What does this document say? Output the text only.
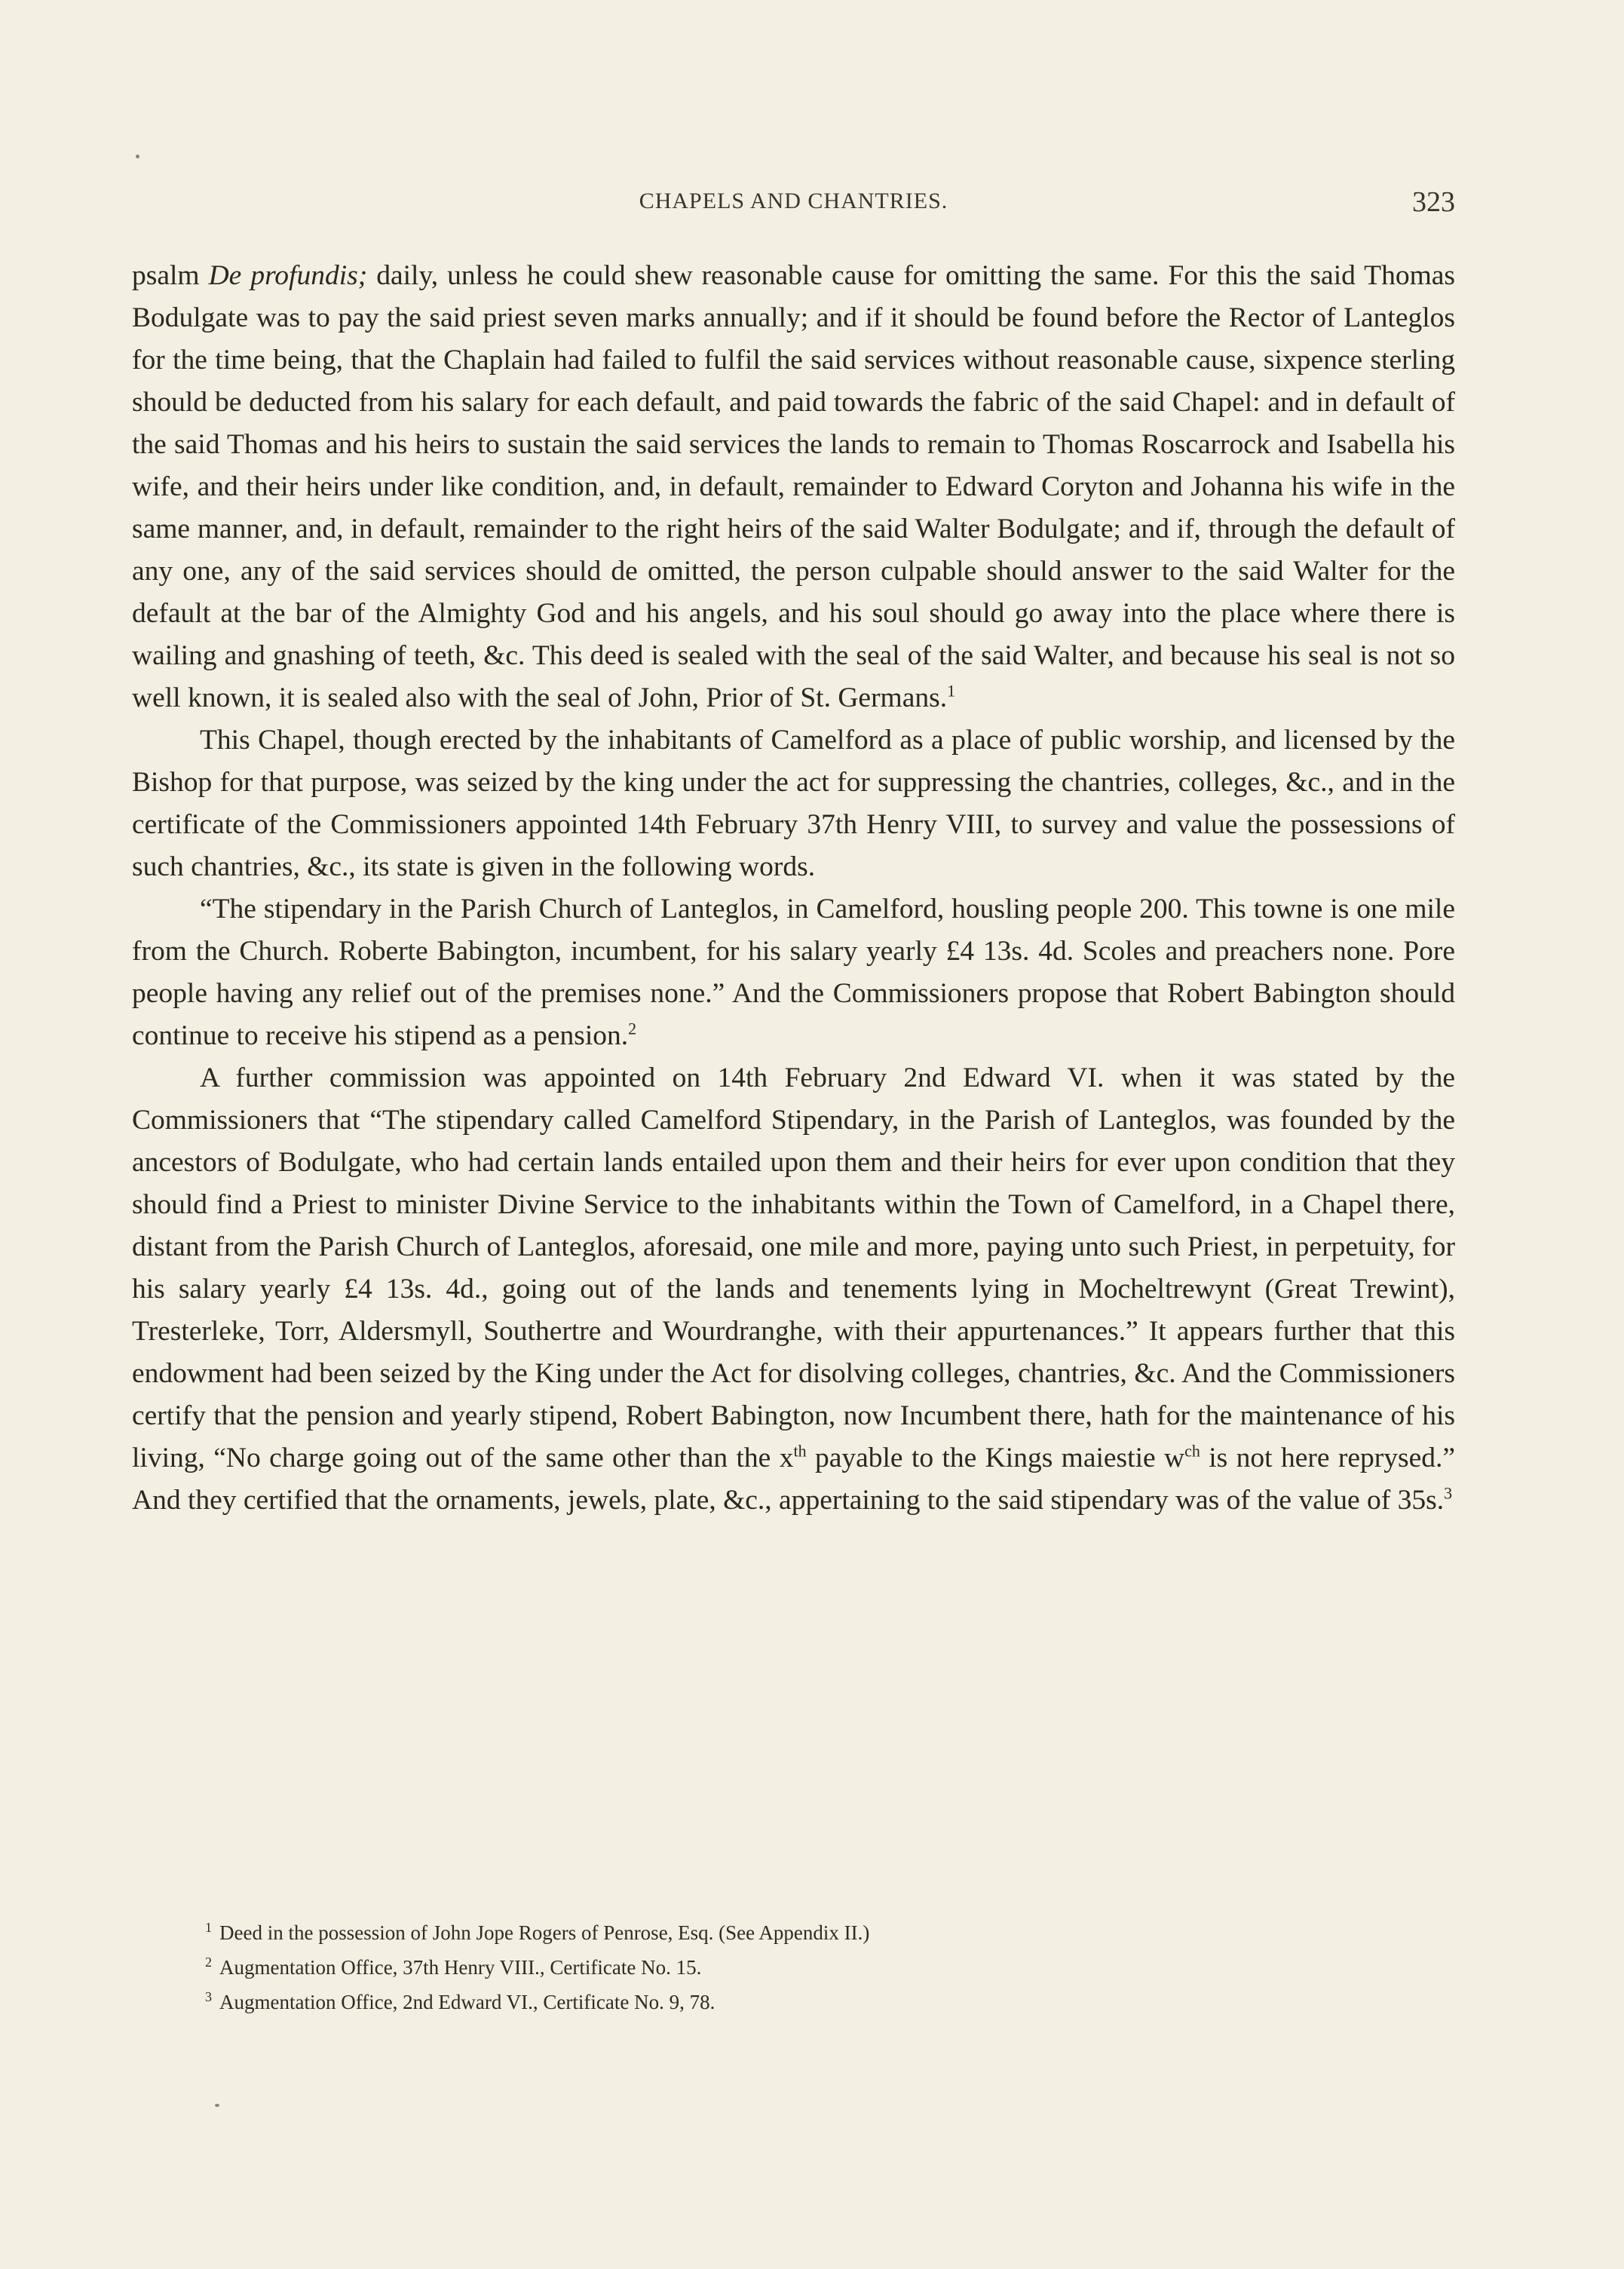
CHAPELS AND CHANTRIES.	323

psalm De profundis; daily, unless he could shew reasonable cause for omitting the same. For this the said Thomas Bodulgate was to pay the said priest seven marks annually; and if it should be found before the Rector of Lanteglos for the time being, that the Chaplain had failed to fulfil the said services without reasonable cause, sixpence sterling should be deducted from his salary for each default, and paid towards the fabric of the said Chapel: and in default of the said Thomas and his heirs to sustain the said services the lands to remain to Thomas Roscarrock and Isabella his wife, and their heirs under like condition, and, in default, remainder to Edward Coryton and Johanna his wife in the same manner, and, in default, remainder to the right heirs of the said Walter Bodulgate; and if, through the default of any one, any of the said services should de omitted, the person culpable should answer to the said Walter for the default at the bar of the Almighty God and his angels, and his soul should go away into the place where there is wailing and gnashing of teeth, &c. This deed is sealed with the seal of the said Walter, and because his seal is not so well known, it is sealed also with the seal of John, Prior of St. Germans.$^1$

This Chapel, though erected by the inhabitants of Camelford as a place of public worship, and licensed by the Bishop for that purpose, was seized by the king under the act for suppressing the chantries, colleges, &c., and in the certificate of the Commissioners appointed 14th February 37th Henry VIII, to survey and value the possessions of such chantries, &c., its state is given in the following words.

“The stipendary in the Parish Church of Lanteglos, in Camelford, housling people 200. This towne is one mile from the Church. Roberte Babington, incumbent, for his salary yearly £4 13s. 4d. Scoles and preachers none. Pore people having any relief out of the premises none.” And the Commissioners propose that Robert Babington should continue to receive his stipend as a pension.$^2$

A further commission was appointed on 14th February 2nd Edward VI. when it was stated by the Commissioners that “The stipendary called Camelford Stipendary, in the Parish of Lanteglos, was founded by the ancestors of Bodulgate, who had certain lands entailed upon them and their heirs for ever upon condition that they should find a Priest to minister Divine Service to the inhabitants within the Town of Camelford, in a Chapel there, distant from the Parish Church of Lanteglos, aforesaid, one mile and more, paying unto such Priest, in perpetuity, for his salary yearly £4 13s. 4d., going out of the lands and tenements lying in Mocheltrewynt (Great Trewint), Tresterleke, Torr, Aldersmyll, Southertre and Wourdranghe, with their appurtenances.” It appears further that this endowment had been seized by the King under the Act for disolving colleges, chantries, &c. And the Commissioners certify that the pension and yearly stipend, Robert Babington, now Incumbent there, hath for the maintenance of his living, “No charge going out of the same other than the x$^{th}$ payable to the Kings maiestie w$^{ch}$ is not here reprysed.” And they certified that the ornaments, jewels, plate, &c., appertaining to the said stipendary was of the value of 35s.$^3$

$^1$ Deed in the possession of John Jope Rogers of Penrose, Esq. (See Appendix II.)
$^2$ Augmentation Office, 37th Henry VIII., Certificate No. 15.
$^3$ Augmentation Office, 2nd Edward VI., Certificate No. 9, 78.
